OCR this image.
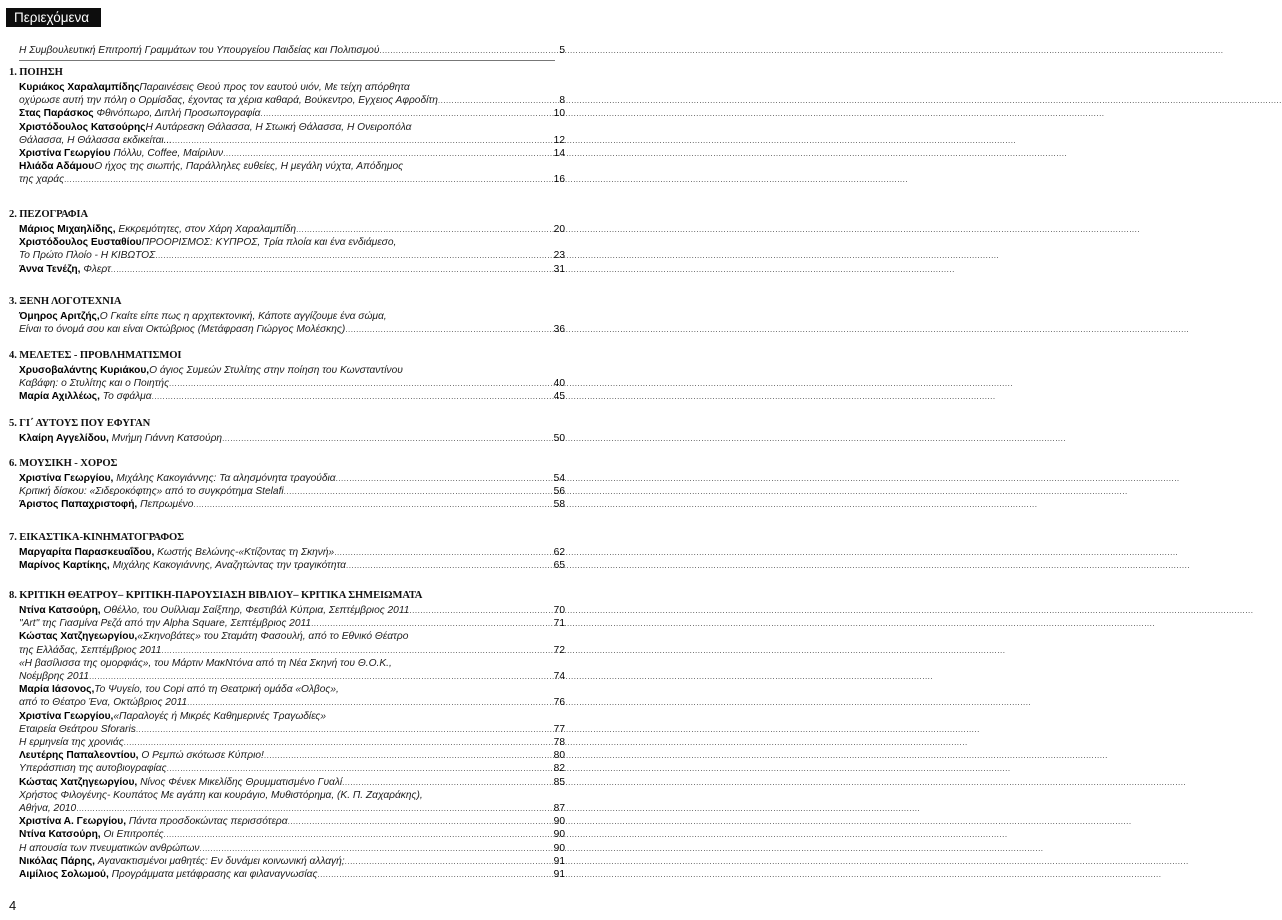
Περιεχόμενα
Η Συμβουλευτική Επιτροπή Γραμμάτων του Υπουργείου Παιδείας και Πολιτισμού .....	5
1. ΠΟΙΗΣΗ
Κυριάκος Χαραλαμπίδης Παραινέσεις Θεού προς τον εαυτού υιόν, Με τείχη απόρθητα
οχύρωσε αυτή την πόλη ο Ορμίσδας, έχοντας τα χέρια καθαρά, Βούκεντρο, Εγχειος Αφροδίτη .....	8
Στας Παράσκος Φθινόπωρο, Διπλή Προσωπογραφία .....	10
Χριστόδουλος Κατσούρης Η Αυτάρεσκη Θάλασσα, Η Στωική Θάλασσα, Η Ονειροπόλα
Θάλασσα, Η Θάλασσα εκδικείται... .....	12
Χριστίνα Γεωργίου Πόλλυ, Coffee, Μαίριλυν .....	14
Ηλιάδα Αδάμου Ο ήχος της σιωπής, Παράλληλες ευθείες, Η μεγάλη νύχτα, Απόδημος
της χαράς .....	16
2. ΠΕΖΟΓΡΑΦΙΑ
Μάριος Μιχαηλίδης, Εκκρεμότητες, στον Χάρη Χαραλαμπίδη .....	20
Χριστόδουλος Ευσταθίου ΠΡΟΟΡΙΣΜΟΣ: ΚΥΠΡΟΣ, Τρία πλοία και ένα ενδιάμεσο,
Το Πρώτο Πλοίο - Η ΚΙΒΩΤΟΣ .....	23
Άννα Τενέζη, Φλερτ .....	31
3. ΞΕΝΗ ΛΟΓΟΤΕΧΝΙΑ
Όμηρος Αριτζής, Ο Γκαίτε είπε πως η αρχιτεκτονική, Κάποτε αγγίζουμε ένα σώμα,
Είναι το όνομά σου και είναι Οκτώβριος (Μετάφραση Γιώργος Μολέσκης) .....	36
4. ΜΕΛΕΤΕΣ - ΠΡΟΒΛΗΜΑΤΙΣΜΟΙ
Χρυσοβαλάντης Κυριάκου, Ο άγιος Συμεών Στυλίτης στην ποίηση του Κωνσταντίνου
Καβάφη: ο Στυλίτης και ο Ποιητής .....	40
Μαρία Αχιλλέως, Το σφάλμα .....	45
5. ΓΙ΄ ΑΥΤΟΥΣ ΠΟΥ ΕΦΥΓΑΝ
Κλαίρη Αγγελίδου, Μνήμη Γιάννη Κατσούρη .....	50
6. ΜΟΥΣΙΚΗ - ΧΟΡΟΣ
Χριστίνα Γεωργίου, Μιχάλης Κακογιάννης: Τα αλησμόνητα τραγούδια .....	54
Κριτική δίσκου: «Σιδεροκόφτης» από το συγκρότημα Stelafi .....	56
Άριστος Παπαχριστοφή, Πεπρωμένο .....	58
7. ΕΙΚΑΣΤΙΚΑ-ΚΙΝΗΜΑΤΟΓΡΑΦΟΣ
Μαργαρίτα Παρασκευαΐδου, Κωστής Βελώνης-«Κτίζοντας τη Σκηνή» .....	62
Μαρίνος Καρτίκης, Μιχάλης Κακογιάννης, Αναζητώντας την τραγικότητα .....	65
8. ΚΡΙΤΙΚΗ ΘΕΑΤΡΟΥ– ΚΡΙΤΙΚΗ-ΠΑΡΟΥΣΙΑΣΗ ΒΙΒΛΙΟΥ– ΚΡΙΤΙΚΑ ΣΗΜΕΙΩΜΑΤΑ
Ντίνα Κατσούρη, Οθέλλο, του Ουίλλιαμ Σαίξπηρ, Φεστιβάλ Κύπρια, Σεπτέμβριος 2011 .....	70
"Art" της Γιασμίνα Ρεζά από την Alpha Square, Σεπτέμβριος 2011 .....	71
Κώστας Χατζηγεωργίου, «Σκηνοβάτες» του Σταμάτη Φασουλή, από το Εθνικό Θέατρο
της Ελλάδας, Σεπτέμβριος 2011 .....	72
«Η βασίλισσα της ομορφιάς», του Μάρτιν ΜακΝτόνα από τη Νέα Σκηνή του Θ.Ο.Κ.,
Νοέμβρης 2011 .....	74
Μαρία Ιάσονος, Το Ψυγείο, του Copi από τη Θεατρική ομάδα «Ολβος»,
από το Θέατρο Ένα, Οκτώβριος 2011 .....	76
Χριστίνα Γεωργίου, «Παραλογές ή Μικρές Καθημερινές Τραγωδίες»
Εταιρεία Θεάτρου Sforaris .....	77
Η ερμηνεία της χρονιάς .....	78
Λευτέρης Παπαλεοντίου, Ο Ρεμπώ σκότωσε Κύπριο! .....	80
Υπεράσπιση της αυτοβιογραφίας .....	82
Κώστας Χατζηγεωργίου, Νίνος Φένεκ Μικελίδης Θρυμματισμένο Γυαλί .....	85
Χρήστος Φιλογένης- Κουπάτος Με αγάπη και κουράγιο, Μυθιστόρημα, (Κ. Π. Ζαχαράκης),
Αθήνα, 2010 .....	87
Χριστίνα Α. Γεωργίου, Πάντα προσδοκώντας περισσότερα .....	90
Ντίνα Κατσούρη, Οι Επιτροπές .....	90
Η απουσία των πνευματικών ανθρώπων .....	90
Νικόλας Πάρης, Αγανακτισμένοι μαθητές: Εν δυνάμει κοινωνική αλλαγή; .....	91
Αιμίλιος Σολωμού, Προγράμματα μετάφρασης και φιλαναγνωσίας .....	91
4
